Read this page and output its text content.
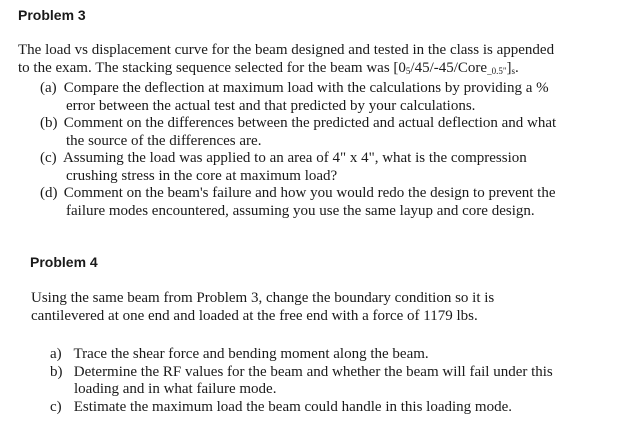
Problem 3
The load vs displacement curve for the beam designed and tested in the class is appended
to the exam. The stacking sequence selected for the beam was $[0_5/45/-45/Core_{\_0.5"}]_s$.
(a) Compare the deflection at maximum load with the calculations by providing a %
error between the actual test and that predicted by your calculations.
(b) Comment on the differences between the predicted and actual deflection and what
the source of the differences are.
(c) Assuming the load was applied to an area of 4" x 4", what is the compression
crushing stress in the core at maximum load?
(d) Comment on the beam's failure and how you would redo the design to prevent the
failure modes encountered, assuming you use the same layup and core design.
Problem 4
Using the same beam from Problem 3, change the boundary condition so it is
cantilevered at one end and loaded at the free end with a force of 1179 lbs.
a) Trace the shear force and bending moment along the beam.
b) Determine the RF values for the beam and whether the beam will fail under this
loading and in what failure mode.
c) Estimate the maximum load the beam could handle in this loading mode.
